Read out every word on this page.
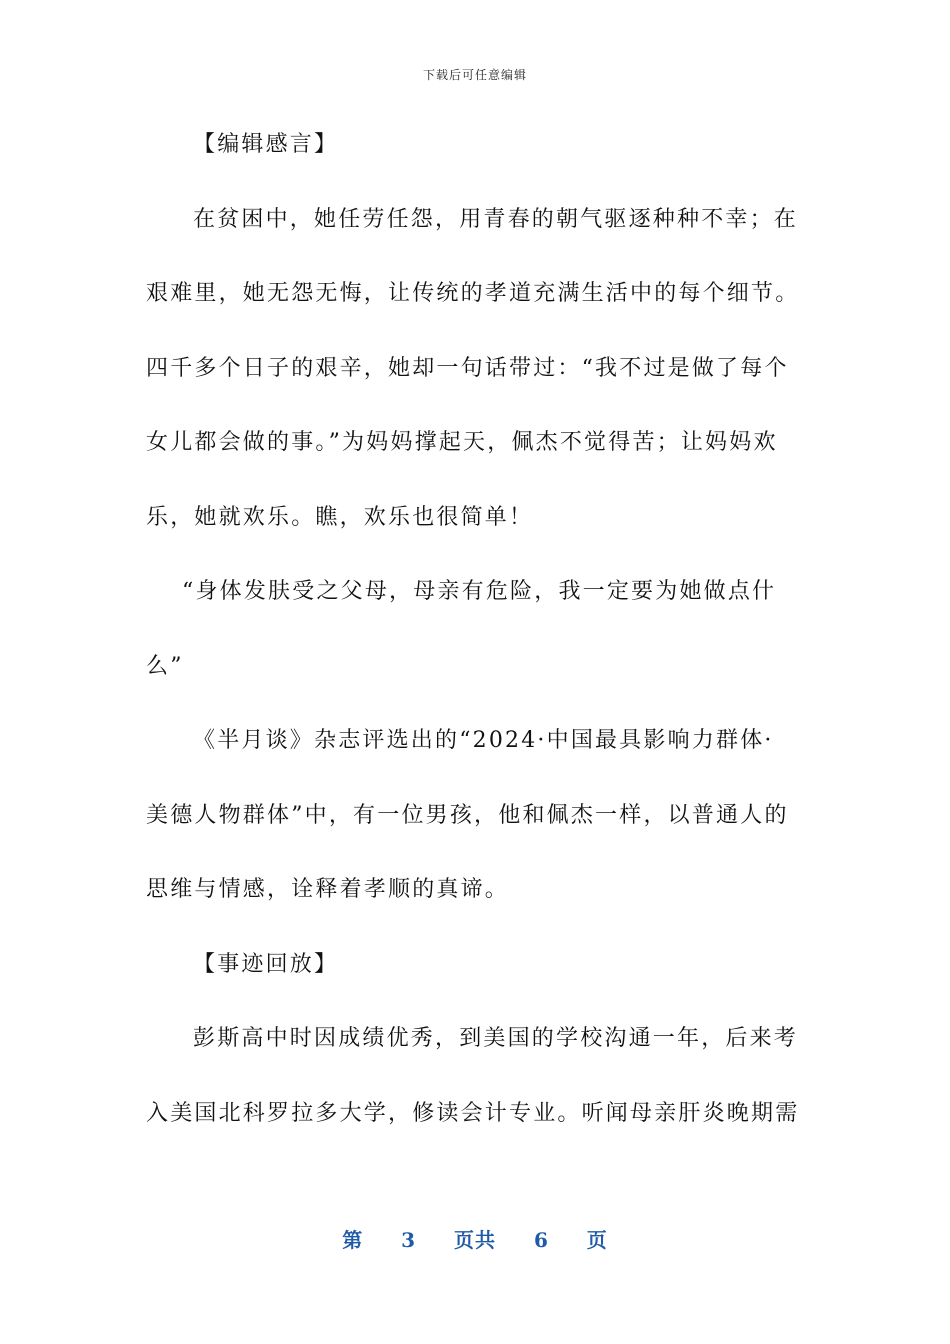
下载后可任意编辑
【编辑感言】
在贫困中，她任劳任怨，用青春的朝气驱逐种种不幸；在
艰难里，她无怨无悔，让传统的孝道充满生活中的每个细节。
四千多个日子的艰辛，她却一句话带过：“我不过是做了每个
女儿都会做的事。”为妈妈撑起天，佩杰不觉得苦；让妈妈欢
乐，她就欢乐。瞧，欢乐也很简单！
“身体发肤受之父母，母亲有危险，我一定要为她做点什
么”
《半月谈》杂志评选出的“2024·中国最具影响力群体·
美德人物群体”中，有一位男孩，他和佩杰一样，以普通人的
思维与情感，诠释着孝顺的真谛。
【事迹回放】
彭斯高中时因成绩优秀，到美国的学校沟通一年，后来考
入美国北科罗拉多大学，修读会计专业。听闻母亲肝炎晚期需
第 3 页共 6 页
